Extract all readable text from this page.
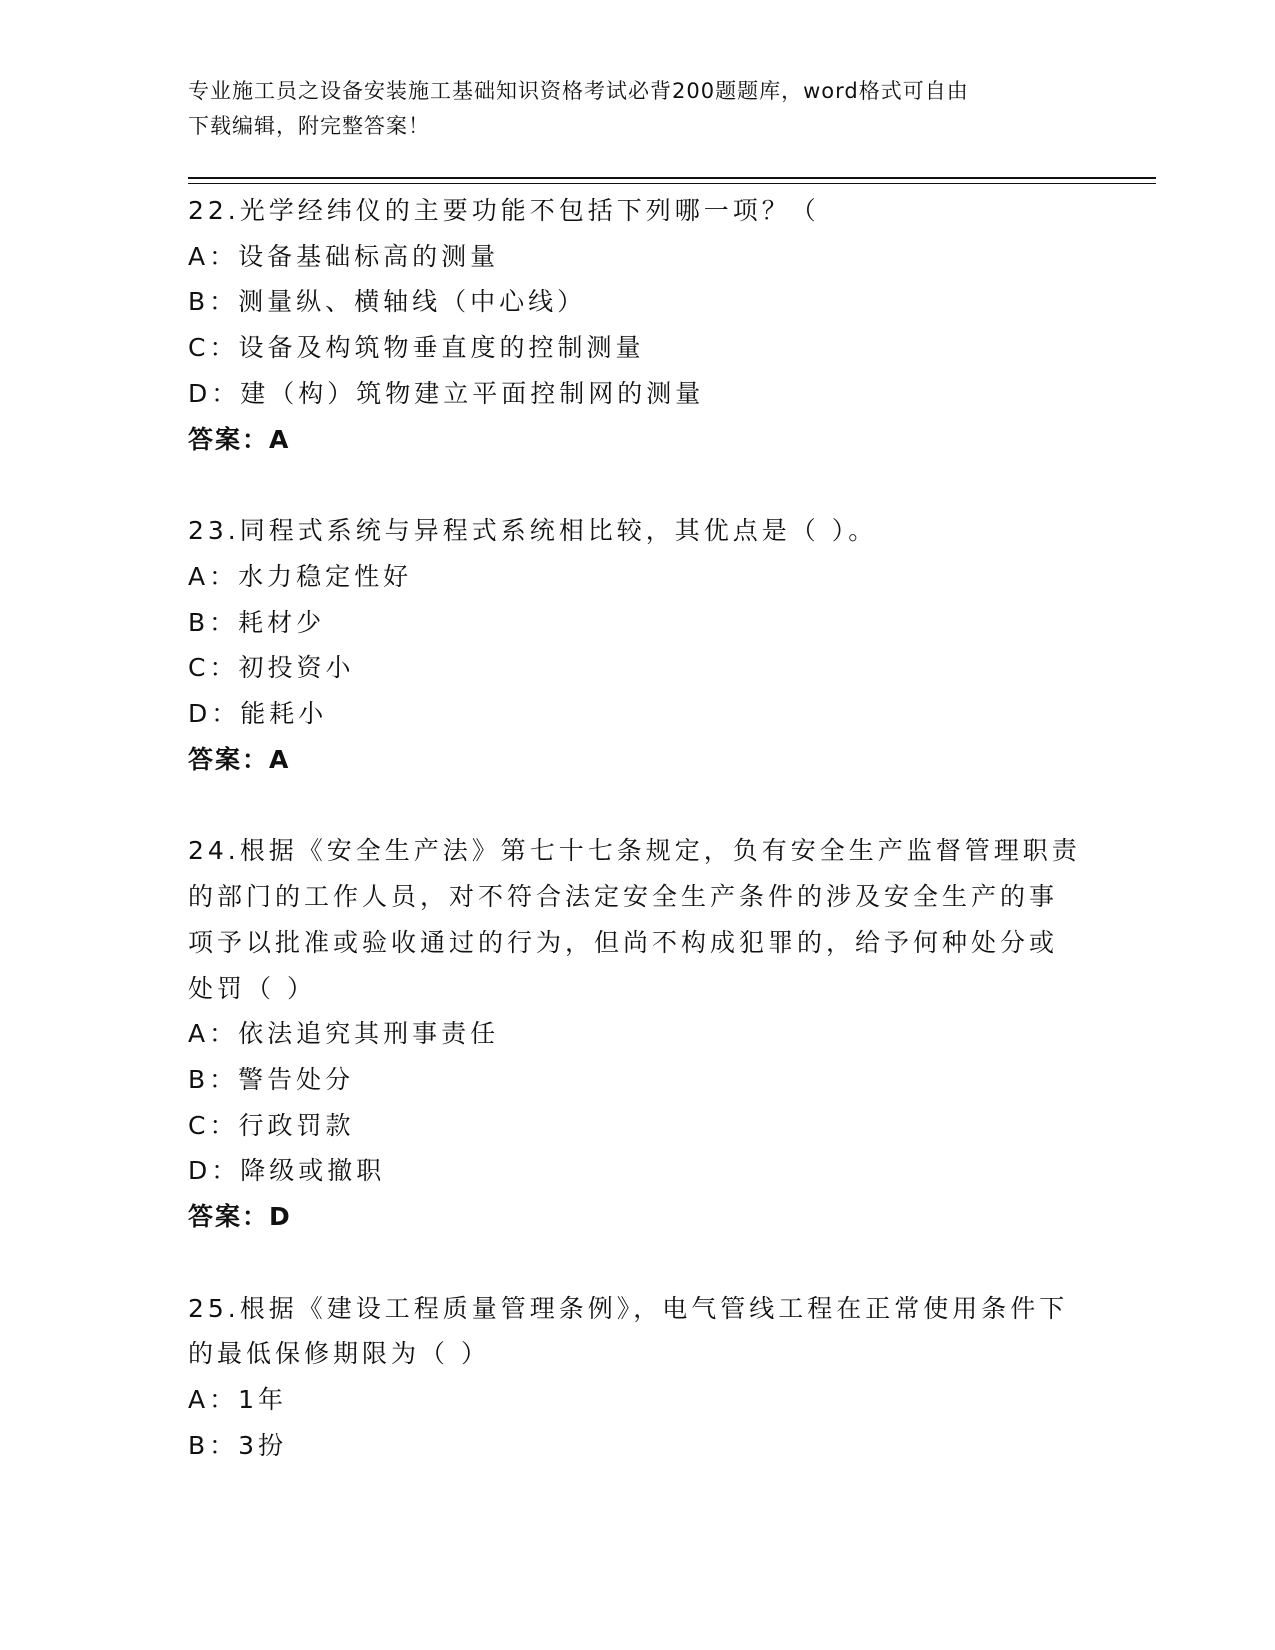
专业施工员之设备安装施工基础知识资格考试必背200题题库，word格式可自由
下载编辑，附完整答案！
22.光学经纬仪的主要功能不包括下列哪一项？（
A：设备基础标高的测量
B：测量纵、横轴线（中心线）
C：设备及构筑物垂直度的控制测量
D：建（构）筑物建立平面控制网的测量
答案：A
23.同程式系统与异程式系统相比较，其优点是（ ）。
A：水力稳定性好
B：耗材少
C：初投资小
D：能耗小
答案：A
24.根据《安全生产法》第七十七条规定，负有安全生产监督管理职责
的部门的工作人员，对不符合法定安全生产条件的涉及安全生产的事
项予以批准或验收通过的行为，但尚不构成犯罪的，给予何种处分或
处罚（ ）
A：依法追究其刑事责任
B：警告处分
C：行政罚款
D：降级或撤职
答案：D
25.根据《建设工程质量管理条例》，电气管线工程在正常使用条件下
的最低保修期限为（ ）
A：1年
B：3扮
